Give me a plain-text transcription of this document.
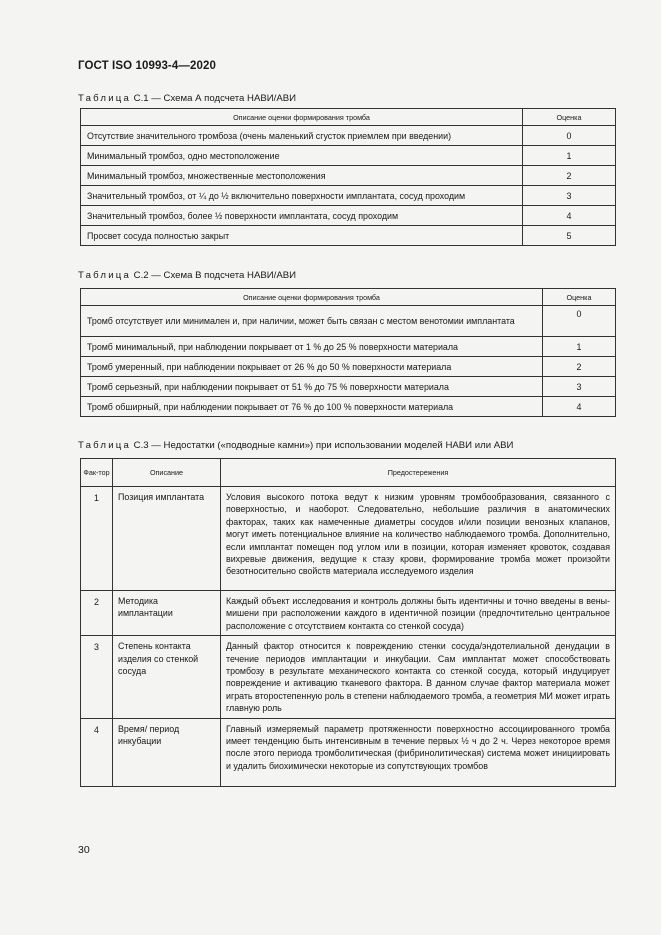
ГОСТ ISO 10993-4—2020
Таблица С.1 — Схема А подсчета НАВИ/АВИ
Описание оценки формирования тромба	Оценка
Отсутствие значительного тромбоза (очень маленький сгусток приемлем при введении)	0
Минимальный тромбоз, одно местоположение	1
Минимальный тромбоз, множественные местоположения	2
Значительный тромбоз, от ¼ до ½ включительно поверхности имплантата, сосуд проходим	3
Значительный тромбоз, более ½ поверхности имплантата, сосуд проходим	4
Просвет сосуда полностью закрыт	5
Таблица С.2 — Схема В подсчета НАВИ/АВИ
Описание оценки формирования тромба	Оценка
Тромб отсутствует или минимален и, при наличии, может быть связан с местом венотомии имплантата	0
Тромб минимальный, при наблюдении покрывает от 1 % до 25 % поверхности материала	1
Тромб умеренный, при наблюдении покрывает от 26 % до 50 % поверхности материала	2
Тромб серьезный, при наблюдении покрывает от 51 % до 75 % поверхности материала	3
Тромб обширный, при наблюдении покрывает от 76 % до 100 % поверхности материала	4
Таблица С.3 — Недостатки («подводные камни») при использовании моделей НАВИ или АВИ
Фак-тор	Описание	Предостережения
1	Позиция имплантата	Условия высокого потока ведут к низким уровням тромбообразования, связанного с поверхностью, и наоборот. Следовательно, небольшие различия в анатомических факторах, таких как намеченные диаметры сосудов и/или позиции венозных клапанов, могут иметь потенциальное влияние на количество наблюдаемого тромба. Дополнительно, если имплантат помещен под углом или в позиции, которая изменяет кровоток, создавая вихревые движения, ведущие к стазу крови, формирование тромба может произойти безотносительно свойств материала исследуемого изделия
2	Методика имплантации	Каждый объект исследования и контроль должны быть идентичны и точно введены в вены-мишени при расположении каждого в идентичной позиции (предпочтительно центральное расположение с отсутствием контакта со стенкой сосуда)
3	Степень контакта изделия со стенкой сосуда	Данный фактор относится к повреждению стенки сосуда/эндотелиальной денудации в течение периодов имплантации и инкубации. Сам имплантат может способствовать тромбозу в результате механического контакта со стенкой сосуда, который индуцирует повреждение и активацию тканевого фактора. В данном случае фактор материала может играть второстепенную роль в степени наблюдаемого тромба, а геометрия МИ может играть главную роль
4	Время/ период инкубации	Главный измеряемый параметр протяженности поверхностно ассоциированного тромба имеет тенденцию быть интенсивным в течение первых ½ ч до 2 ч. Через некоторое время после этого периода тромболитическая (фибринолитическая) система может инициировать и удалить биохимически некоторые из сопутствующих тромбов
30
